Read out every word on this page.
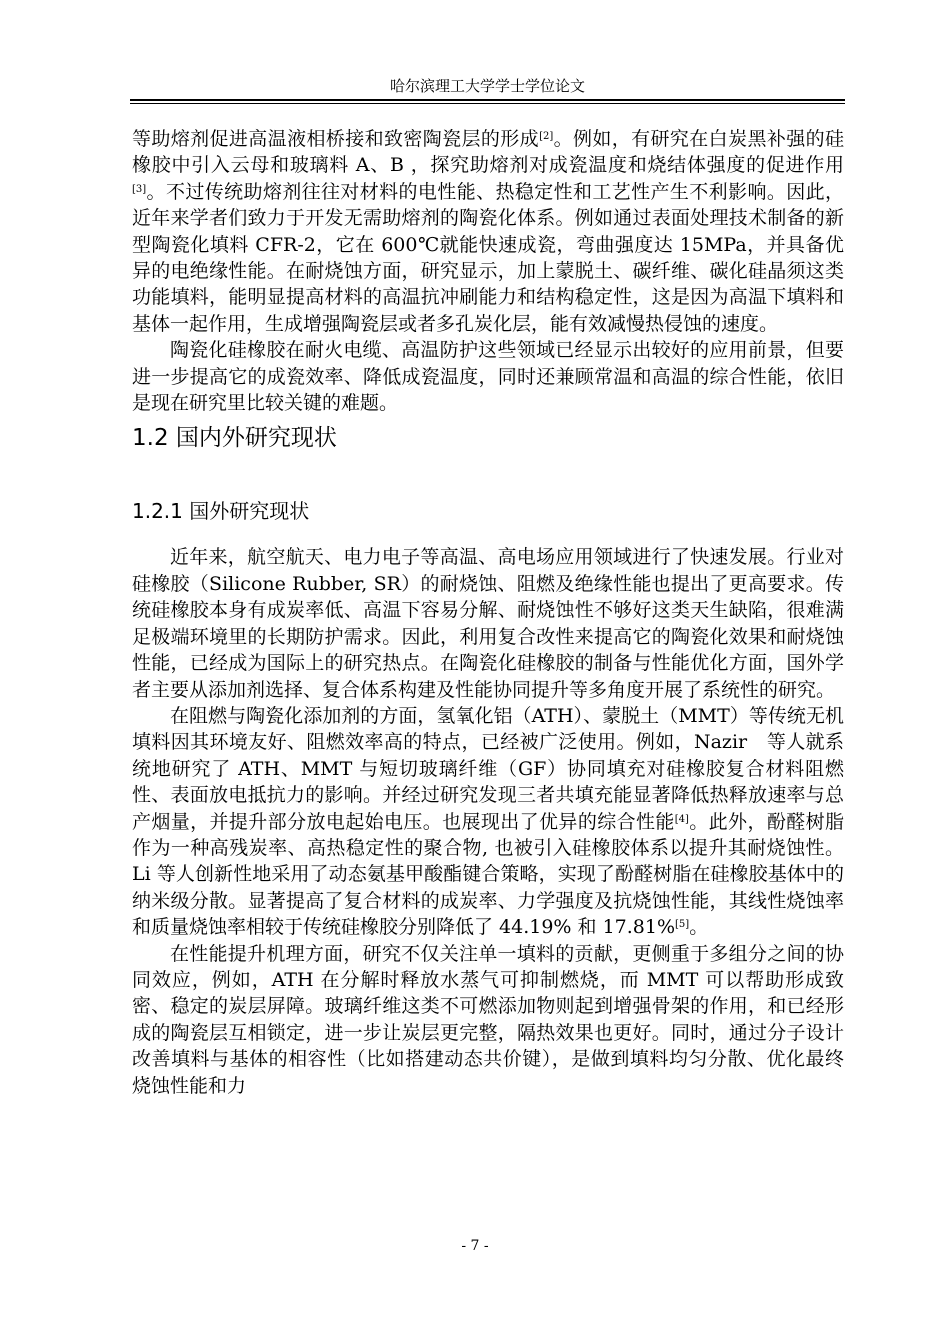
哈尔滨理工大学学士学位论文

等助熔剂促进高温液相桥接和致密陶瓷层的形成[2]。例如，有研究在白炭黑补强的硅橡胶中引入云母和玻璃料 A、B ，探究助熔剂对成瓷温度和烧结体强度的促进作用[3]。不过传统助熔剂往往对材料的电性能、热稳定性和工艺性产生不利影响。因此，近年来学者们致力于开发无需助熔剂的陶瓷化体系。例如通过表面处理技术制备的新型陶瓷化填料 CFR-2，它在 600℃就能快速成瓷，弯曲强度达 15MPa，并具备优异的电绝缘性能。在耐烧蚀方面，研究显示，加上蒙脱土、碳纤维、碳化硅晶须这类功能填料，能明显提高材料的高温抗冲刷能力和结构稳定性，这是因为高温下填料和基体一起作用，生成增强陶瓷层或者多孔炭化层，能有效减慢热侵蚀的速度。

陶瓷化硅橡胶在耐火电缆、高温防护这些领域已经显示出较好的应用前景，但要进一步提高它的成瓷效率、降低成瓷温度，同时还兼顾常温和高温的综合性能，依旧是现在研究里比较关键的难题。

1.2 国内外研究现状
1.2.1 国外研究现状

近年来，航空航天、电力电子等高温、高电场应用领域进行了快速发展。行业对硅橡胶（Silicone Rubber, SR）的耐烧蚀、阻燃及绝缘性能也提出了更高要求。传统硅橡胶本身有成炭率低、高温下容易分解、耐烧蚀性不够好这类天生缺陷，很难满足极端环境里的长期防护需求。因此，利用复合改性来提高它的陶瓷化效果和耐烧蚀性能，已经成为国际上的研究热点。在陶瓷化硅橡胶的制备与性能优化方面，国外学者主要从添加剂选择、复合体系构建及性能协同提升等多角度开展了系统性的研究。

在阻燃与陶瓷化添加剂的方面，氢氧化铝（ATH）、蒙脱土（MMT）等传统无机填料因其环境友好、阻燃效率高的特点，已经被广泛使用。例如，Nazir　等人就系统地研究了 ATH、MMT 与短切玻璃纤维（GF）协同填充对硅橡胶复合材料阻燃性、表面放电抵抗力的影响。并经过研究发现三者共填充能显著降低热释放速率与总产烟量，并提升部分放电起始电压。也展现出了优异的综合性能[4]。此外，酚醛树脂作为一种高残炭率、高热稳定性的聚合物, 也被引入硅橡胶体系以提升其耐烧蚀性。Li 等人创新性地采用了动态氨基甲酸酯键合策略，实现了酚醛树脂在硅橡胶基体中的纳米级分散。显著提高了复合材料的成炭率、力学强度及抗烧蚀性能，其线性烧蚀率和质量烧蚀率相较于传统硅橡胶分别降低了 44.19% 和 17.81%[5]。

在性能提升机理方面，研究不仅关注单一填料的贡献，更侧重于多组分之间的协同效应，例如，ATH 在分解时释放水蒸气可抑制燃烧，而 MMT 可以帮助形成致密、稳定的炭层屏障。玻璃纤维这类不可燃添加物则起到增强骨架的作用，和已经形成的陶瓷层互相锁定，进一步让炭层更完整，隔热效果也更好。同时，通过分子设计改善填料与基体的相容性（比如搭建动态共价键），是做到填料均匀分散、优化最终烧蚀性能和力

- 7 -
